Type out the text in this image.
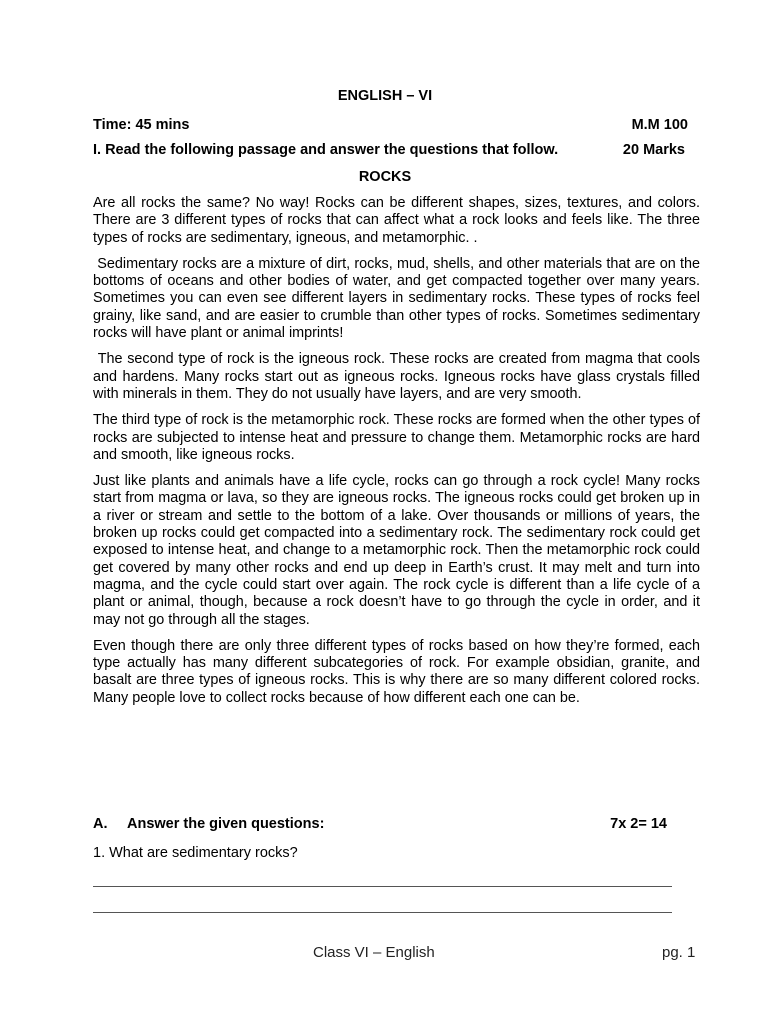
ENGLISH – VI
Time: 45 mins	M.M 100
I. Read the following passage and answer the questions that follow.	20 Marks
ROCKS

Are all rocks the same? No way! Rocks can be different shapes, sizes, textures, and colors. There are 3 different types of rocks that can affect what a rock looks and feels like. The three types of rocks are sedimentary, igneous, and metamorphic. .

Sedimentary rocks are a mixture of dirt, rocks, mud, shells, and other materials that are on the bottoms of oceans and other bodies of water, and get compacted together over many years. Sometimes you can even see different layers in sedimentary rocks. These types of rocks feel grainy, like sand, and are easier to crumble than other types of rocks. Sometimes sedimentary rocks will have plant or animal imprints!

The second type of rock is the igneous rock. These rocks are created from magma that cools and hardens. Many rocks start out as igneous rocks. Igneous rocks have glass crystals filled with minerals in them. They do not usually have layers, and are very smooth.

The third type of rock is the metamorphic rock. These rocks are formed when the other types of rocks are subjected to intense heat and pressure to change them. Metamorphic rocks are hard and smooth, like igneous rocks.

Just like plants and animals have a life cycle, rocks can go through a rock cycle! Many rocks start from magma or lava, so they are igneous rocks. The igneous rocks could get broken up in a river or stream and settle to the bottom of a lake. Over thousands or millions of years, the broken up rocks could get compacted into a sedimentary rock. The sedimentary rock could get exposed to intense heat, and change to a metamorphic rock. Then the metamorphic rock could get covered by many other rocks and end up deep in Earth’s crust. It may melt and turn into magma, and the cycle could start over again. The rock cycle is different than a life cycle of a plant or animal, though, because a rock doesn’t have to go through the cycle in order, and it may not go through all the stages.

Even though there are only three different types of rocks based on how they’re formed, each type actually has many different subcategories of rock. For example obsidian, granite, and basalt are three types of igneous rocks. This is why there are so many different colored rocks. Many people love to collect rocks because of how different each one can be.

A. Answer the given questions:	7x 2= 14
1. What are sedimentary rocks?
Class VI – English	pg. 1
